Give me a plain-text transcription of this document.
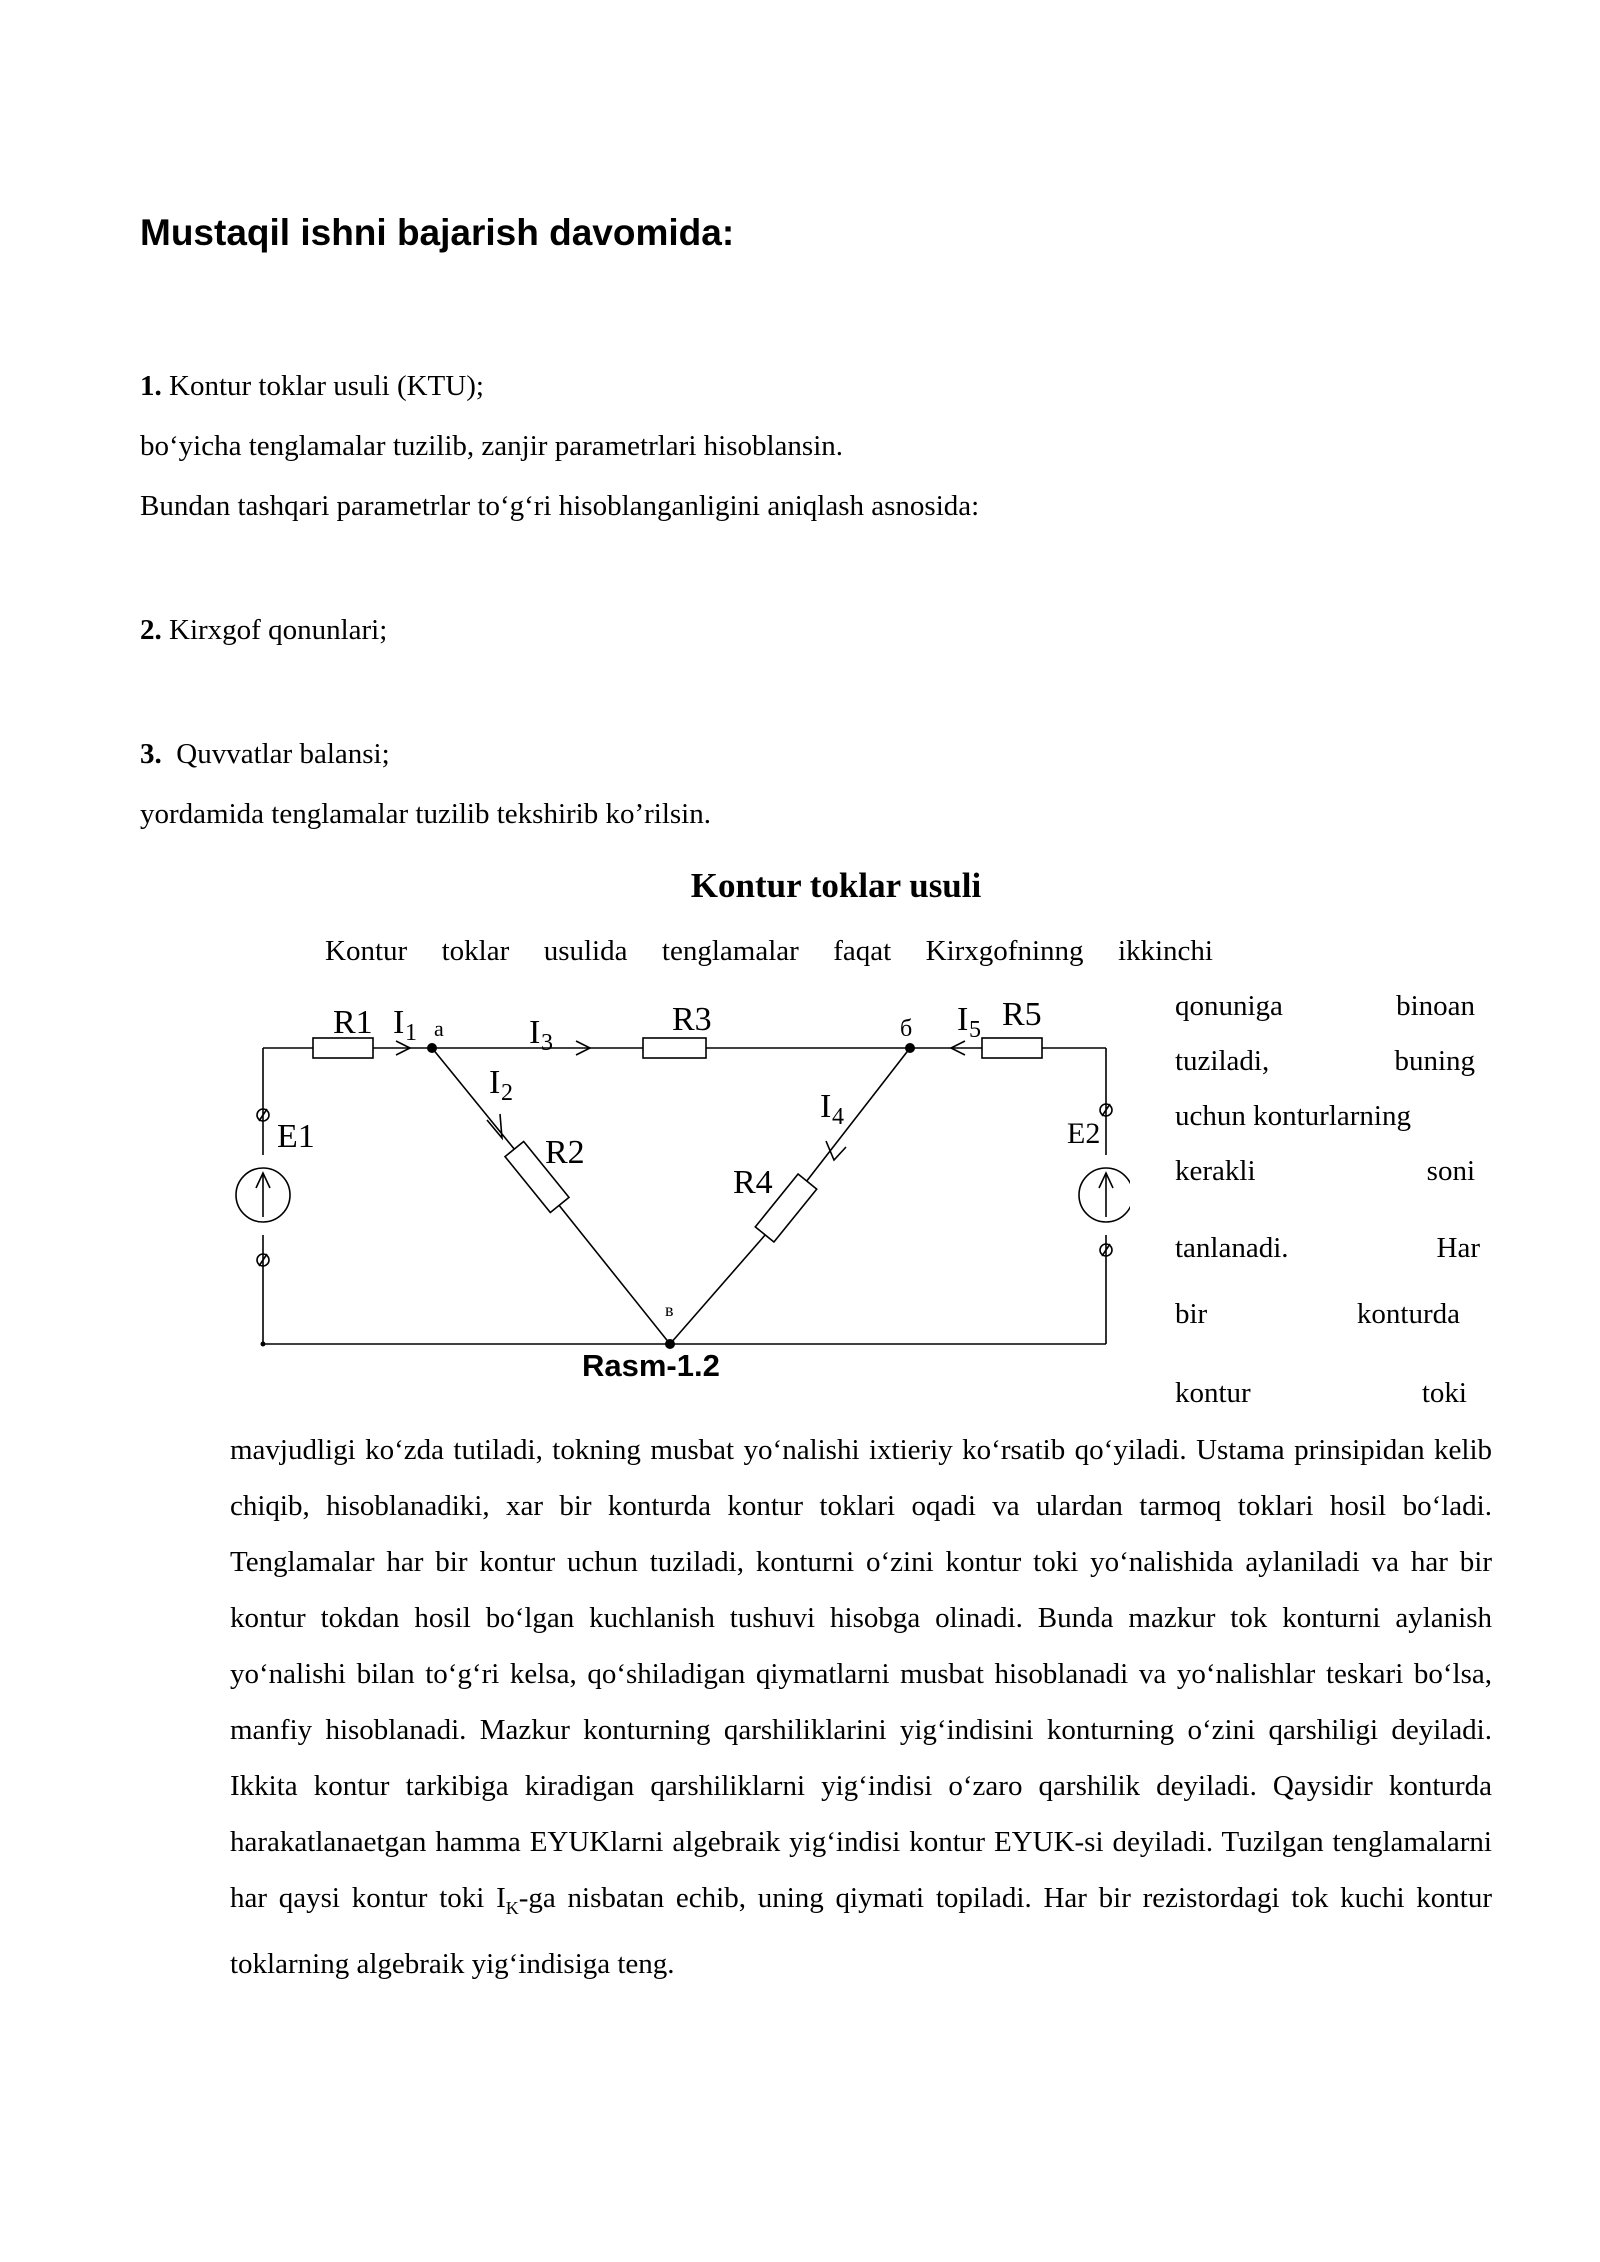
Mustaqil ishni bajarish davomida:
1. Kontur toklar usuli (KTU);
bo‘yicha tenglamalar tuzilib, zanjir parametrlari hisoblansin.
Bundan tashqari parametrlar to‘g‘ri hisoblanganligini aniqlash asnosida:
2. Kirxgof qonunlari;
3.  Quvvatlar balansi;
yordamida tenglamalar tuzilib tekshirib ko’rilsin.
Kontur toklar usuli
Kontur toklar usulida tenglamalar faqat Kirxgofninng ikkinchi
qonuniga	binoan
tuziladi,	buning
uchun konturlarning
kerakli	soni
tanlanadi.	Har
bir	konturda
kontur	toki
R1 I 1 a	I 3
R3	б I 5 R5
I 2
R2
I 4
R4
E1	E2
в
Rasm-1.2
mavjudligi ko‘zda tutiladi, tokning musbat yo‘nalishi ixtieriy ko‘rsatib qo‘yiladi. Ustama prinsipidan kelib chiqib, hisoblanadiki, xar bir konturda kontur toklari oqadi va ulardan tarmoq toklari hosil bo‘ladi. Tenglamalar har bir kontur uchun tuziladi, konturni o‘zini kontur toki yo‘nalishida aylaniladi va har bir kontur tokdan hosil bo‘lgan kuchlanish tushuvi hisobga olinadi. Bunda mazkur tok konturni aylanish yo‘nalishi bilan to‘g‘ri kelsa, qo‘shiladigan qiymatlarni musbat hisoblanadi va yo‘nalishlar teskari bo‘lsa, manfiy hisoblanadi. Mazkur konturning qarshiliklarini yig‘indisini konturning o‘zini qarshiligi deyiladi. Ikkita kontur tarkibiga kiradigan qarshiliklarni yig‘indisi o‘zaro qarshilik deyiladi. Qaysidir konturda harakatlanaetgan hamma EYUKlarni algebraik yig‘indisi kontur EYUK-si deyiladi. Tuzilgan tenglamalarni har qaysi kontur toki $I_K-ga$ nisbatan echib, uning qiymati topiladi. Har bir rezistordagi tok kuchi kontur toklarning algebraik yig‘indisiga teng.
